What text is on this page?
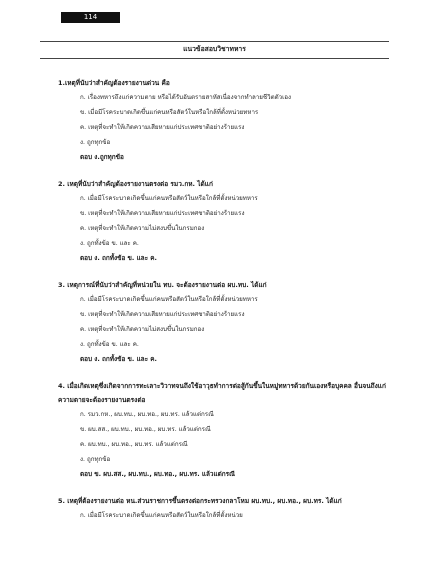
114
แนวข้อสอบวิชาทหาร
1.เหตุที่นับว่าสำคัญต้องรายงานด่วน คือ
ก. เรื่องทหารถึงแก่ความตาย หรือได้รับอันตรายสาหัสเนื่องจากทำลายชีวิตตัวเอง
ข. เมื่อมีโรคระบาดเกิดขึ้นแก่คนหรือสัตว์ในหรือใกล้ที่ตั้งหน่วยทหาร
ค. เหตุที่จะทำให้เกิดความเสียหายแก่ประเทศชาติอย่างร้ายแรง
ง. ถูกทุกข้อ
ตอบ ง.ถูกทุกข้อ
2. เหตุที่นับว่าสำคัญต้องรายงานตรงต่อ รมว.กห. ได้แก่
ก. เมื่อมีโรคระบาดเกิดขึ้นแก่คนหรือสัตว์ในหรือใกล้ที่ตั้งหน่วยทหาร
ข. เหตุที่จะทำให้เกิดความเสียหายแก่ประเทศชาติอย่างร้ายแรง
ค. เหตุที่จะทำให้เกิดความไม่สงบขึ้นในกรมกอง
ง. ถูกทั้งข้อ ข. และ ค.
ตอบ ง. ถกทั้งข้อ ข. และ ค.
3. เหตุการณ์ที่นับว่าสำคัญที่หน่วยใน ทบ. จะต้องรายงานต่อ ผบ.ทบ. ได้แก่
ก. เมื่อมีโรคระบาดเกิดขึ้นแก่คนหรือสัตว์ในหรือใกล้ที่ตั้งหน่วยทหาร
ข. เหตุที่จะทำให้เกิดความเสียหายแก่ประเทศชาติอย่างร้ายแรง
ค. เหตุที่จะทำให้เกิดความไม่สงบขึ้นในกรมกอง
ง. ถูกทั้งข้อ ข. และ ค.
ตอบ ง. ถกทั้งข้อ ข. และ ค.
4. เมื่อเกิดเหตุซึ่งเกิดจากการทะเลาะวิวาทจนถึงใช้อาวุธทำการต่อสู้กันขึ้นในหมู่ทหารด้วยกันเองหรือบุคคล อื่นจนถึงแก่ความตายจะต้องรายงานตรงต่อ
ก. รมว.กห., ผบ.ทบ., ผบ.ทอ., ผบ.ทร. แล้วแต่กรณี
ข. ผบ.สส., ผบ.ทบ., ผบ.ทอ., ผบ.ทร. แล้วแต่กรณี
ค. ผบ.ทบ., ผบ.ทอ., ผบ.ทร. แล้วแต่กรณี
ง. ถูกทุกข้อ
ตอบ ข. ผบ.สส., ผบ.ทบ., ผบ.ทอ., ผบ.ทร. แล้วแต่กรณี
5. เหตุที่ต้องรายงานต่อ หน.ส่วนราชการขึ้นตรงต่อกระทรวงกลาโหม ผบ.ทบ., ผบ.ทอ., ผบ.ทร. ได้แก่
ก. เมื่อมีโรคระบาดเกิดขึ้นแก่คนหรือสัตว์ในหรือใกล้ที่ตั้งหน่วย
